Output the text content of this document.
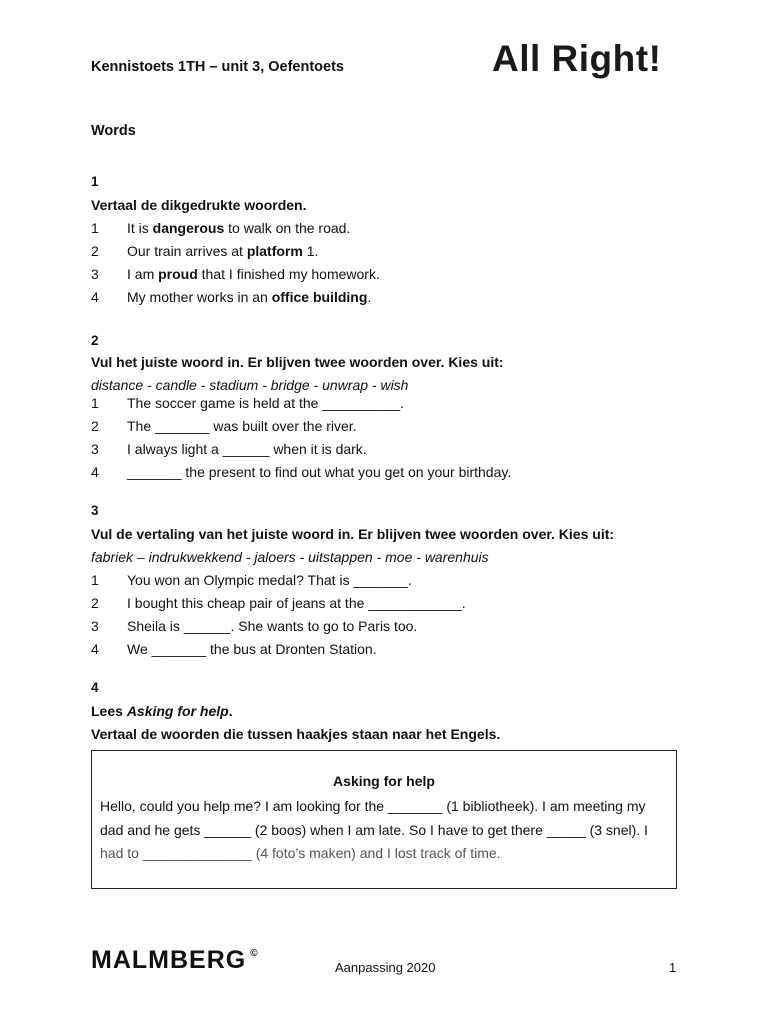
Kennistoets 1TH – unit 3, Oefentoets	All Right!
Words
1
Vertaal de dikgedrukte woorden.
1 It is dangerous to walk on the road.
2 Our train arrives at platform 1.
3 I am proud that I finished my homework.
4 My mother works in an office building.
2
Vul het juiste woord in. Er blijven twee woorden over. Kies uit:
distance - candle - stadium - bridge - unwrap - wish
1 The soccer game is held at the __________.
2 The _______ was built over the river.
3 I always light a ______ when it is dark.
4 _______ the present to find out what you get on your birthday.
3
Vul de vertaling van het juiste woord in. Er blijven twee woorden over. Kies uit:
fabriek – indrukwekkend - jaloers - uitstappen - moe - warenhuis
1 You won an Olympic medal? That is _______.
2 I bought this cheap pair of jeans at the ____________.
3 Sheila is ______. She wants to go to Paris too.
4 We _______ the bus at Dronten Station.
4
Lees Asking for help.
Vertaal de woorden die tussen haakjes staan naar het Engels.
Asking for help
Hello, could you help me? I am looking for the _______ (1 bibliotheek). I am meeting my
dad and he gets ______ (2 boos) when I am late. So I have to get there _____ (3 snel). I
had to ______________ (4 foto’s maken) and I lost track of time.
MALMBERG ©
Aanpassing 2020	1
